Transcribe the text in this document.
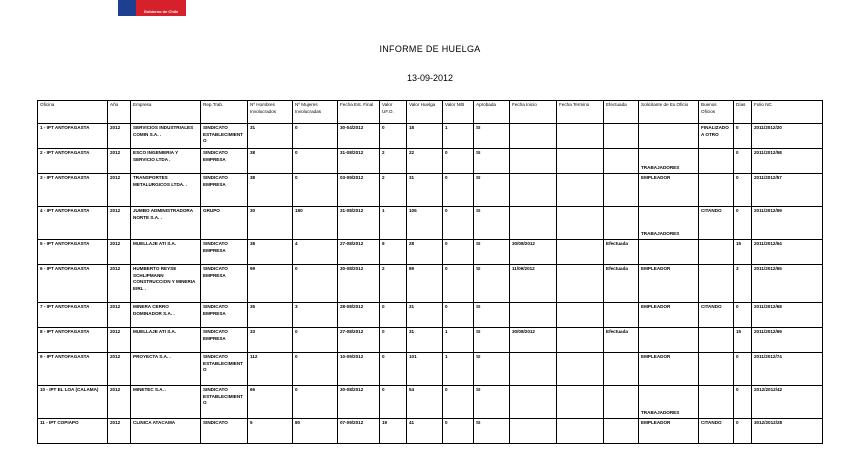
Gobierno de Chile
INFORME DE HUELGA
13-09-2012
Oficina	Año	Empresa	Rep.Trab.	Nº Hombres Involucrados	Nº Mujeres Involucradas	Fecha Est. Final	Valor UF.O.	Valor Huelga	Valor N/B	Aprobada	Fecha Inicio	Fecha Termino	Efectuada	Solicitante de Ex.Oficio	Buenos Oficios	Días	Folio NC
1 - IPT ANTOFAGASTA	2012	SERVICIOS INDUSTRIALES COMIN S.A. .	SINDICATO ESTABLECIMIENTO	31	0	30-04/2012	0	18	1	SI					FINALIZADO A OTRO	0	2011/2012/20
2 - IPT ANTOFAGASTA	2012	ESCO INGENIERIA Y SERVICIO LTDA .	SINDICATO EMPRESA	38	0	31-08/2012	2	22	0	SI				TRABAJADORES		0	2011/2012/58
3 - IPT ANTOFAGASTA	2012	TRANSPORTES METALURGICOS LTDA. .	SINDICATO EMPRESA	38	0	03-09/2012	2	31	0	SI				EMPLEADOR		0	2011/2012/57
4 - IPT ANTOFAGASTA	2012	JUMBO ADMINISTRADORA NORTE S.A. .	GRUPO	30	180	31-08/2012	1	105	0	SI				TRABAJADORES	CITANDO	0	2011/2012/59
5 - IPT ANTOFAGASTA	2012	MUELLAJE ATI S.A.	SINDICATO EMPRESA	38	4	27-08/2012	9	28	0	SI	30/08/2012		Efectuada			15	2011/2012/64
6 - IPT ANTOFAGASTA	2012	HUMBERTO REYSE SCHLIPMANN CONSTRUCCION Y MINERIA EIRL .	SINDICATO EMPRESA	99	0	30-08/2012	2	89	0	SI	11/09/2012		Efectuada	EMPLEADOR		3	2011/2012/65
7 - IPT ANTOFAGASTA	2012	MINERA CERRO DOMINADOR S.A. .	SINDICATO EMPRESA	35	3	28-08/2012	0	31	0	SI				EMPLEADOR	CITANDO	0	2011/2012/68
8 - IPT ANTOFAGASTA	2012	MUELLAJE ATI S.A.	SINDICATO EMPRESA	33	0	27-08/2012	0	31	1	SI	30/08/2012		Efectuada			15	2011/2012/69
9 - IPT ANTOFAGASTA	2012	PROYECTA S.A. .	SINDICATO ESTABLECIMIENTO	112	0	10-09/2012	0	101	1	SI				EMPLEADOR		0	2011/2012/74
10 - IPT EL LOA (CALAMA)	2012	MINETEC S.A. .	SINDICATO ESTABLECIMIENTO	66	0	30-08/2012	0	54	0	SI				TRABAJADORES		0	2012/2012/42
11 - IPT COPIAPO	2012	CLINICA ATACAMA	SINDICATO	5	80	07-09/2012	19	41	0	SI				EMPLEADOR	CITANDO	0	3012/2012/28
